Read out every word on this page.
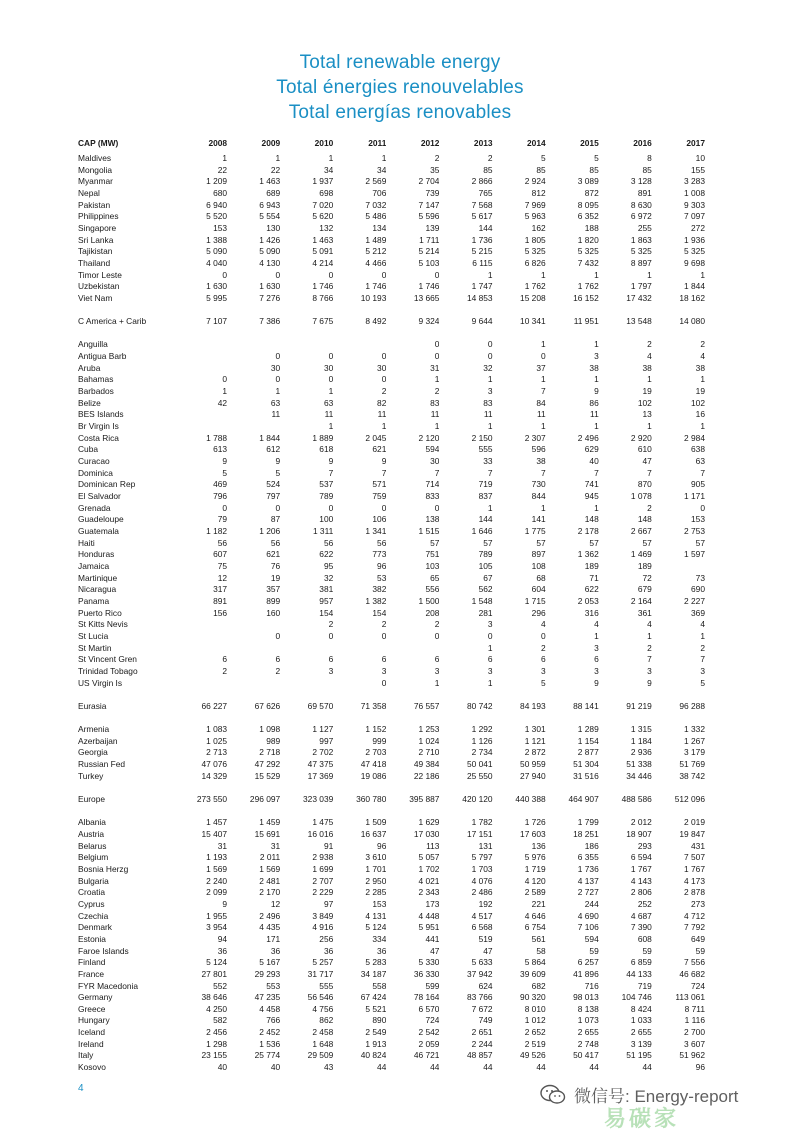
Total renewable energy
Total énergies renouvelables
Total energías renovables
CAP (MW)	2008	2009	2010	2011	2012	2013	2014	2015	2016	2017
Maldives	1	1	1	1	2	2	5	5	8	10
Mongolia	22	22	34	34	35	85	85	85	85	155
Myanmar	1 209	1 463	1 937	2 569	2 704	2 866	2 924	3 089	3 128	3 283
Nepal	680	689	698	706	739	765	812	872	891	1 008
Pakistan	6 940	6 943	7 020	7 032	7 147	7 568	7 969	8 095	8 630	9 303
Philippines	5 520	5 554	5 620	5 486	5 596	5 617	5 963	6 352	6 972	7 097
Singapore	153	130	132	134	139	144	162	188	255	272
Sri Lanka	1 388	1 426	1 463	1 489	1 711	1 736	1 805	1 820	1 863	1 936
Tajikistan	5 090	5 090	5 091	5 212	5 214	5 215	5 325	5 325	5 325	5 325
Thailand	4 040	4 130	4 214	4 466	5 103	6 115	6 826	7 432	8 897	9 698
Timor Leste	0	0	0	0	0	1	1	1	1	1
Uzbekistan	1 630	1 630	1 746	1 746	1 746	1 747	1 762	1 762	1 797	1 844
Viet Nam	5 995	7 276	8 766	10 193	13 665	14 853	15 208	16 152	17 432	18 162

C America + Carib	7 107	7 386	7 675	8 492	9 324	9 644	10 341	11 951	13 548	14 080

Anguilla					0	0	1	1	2	2
Antigua Barb		0	0	0	0	0	0	3	4	4
Aruba		30	30	30	31	32	37	38	38	38
Bahamas	0	0	0	0	1	1	1	1	1	1
Barbados	1	1	1	2	2	3	7	9	19	19
Belize	42	63	63	82	83	83	84	86	102	102
BES Islands		11	11	11	11	11	11	11	13	16
Br Virgin Is			1	1	1	1	1	1	1	1
Costa Rica	1 788	1 844	1 889	2 045	2 120	2 150	2 307	2 496	2 920	2 984
Cuba	613	612	618	621	594	555	596	629	610	638
Curacao	9	9	9	9	30	33	38	40	47	63
Dominica	5	5	7	7	7	7	7	7	7	7
Dominican Rep	469	524	537	571	714	719	730	741	870	905
El Salvador	796	797	789	759	833	837	844	945	1 078	1 171
Grenada	0	0	0	0	0	1	1	1	2	0
Guadeloupe	79	87	100	106	138	144	141	148	148	153
Guatemala	1 182	1 206	1 311	1 341	1 515	1 646	1 775	2 178	2 667	2 753
Haiti	56	56	56	56	57	57	57	57	57	57
Honduras	607	621	622	773	751	789	897	1 362	1 469	1 597
Jamaica	75	76	95	96	103	105	108	189	189	
Martinique	12	19	32	53	65	67	68	71	72	73
Nicaragua	317	357	381	382	556	562	604	622	679	690
Panama	891	899	957	1 382	1 500	1 548	1 715	2 053	2 164	2 227
Puerto Rico	156	160	154	154	208	281	296	316	361	369
St Kitts Nevis			2	2	2	3	4	4	4	4
St Lucia		0	0	0	0	0	0	1	1	1
St Martin						1	2	3	2	2
St Vincent Gren	6	6	6	6	6	6	6	6	7	7
Trinidad Tobago	2	2	3	3	3	3	3	3	3	3
US Virgin Is				0	1	1	5	9	9	5

Eurasia	66 227	67 626	69 570	71 358	76 557	80 742	84 193	88 141	91 219	96 288

Armenia	1 083	1 098	1 127	1 152	1 253	1 292	1 301	1 289	1 315	1 332
Azerbaijan	1 025	989	997	999	1 024	1 126	1 121	1 154	1 184	1 267
Georgia	2 713	2 718	2 702	2 703	2 710	2 734	2 872	2 877	2 936	3 179
Russian Fed	47 076	47 292	47 375	47 418	49 384	50 041	50 959	51 304	51 338	51 769
Turkey	14 329	15 529	17 369	19 086	22 186	25 550	27 940	31 516	34 446	38 742

Europe	273 550	296 097	323 039	360 780	395 887	420 120	440 388	464 907	488 586	512 096

Albania	1 457	1 459	1 475	1 509	1 629	1 782	1 726	1 799	2 012	2 019
Austria	15 407	15 691	16 016	16 637	17 030	17 151	17 603	18 251	18 907	19 847
Belarus	31	31	91	96	113	131	136	186	293	431
Belgium	1 193	2 011	2 938	3 610	5 057	5 797	5 976	6 355	6 594	7 507
Bosnia Herzg	1 569	1 569	1 699	1 701	1 702	1 703	1 719	1 736	1 767	1 767
Bulgaria	2 240	2 481	2 707	2 950	4 021	4 076	4 120	4 137	4 143	4 173
Croatia	2 099	2 170	2 229	2 285	2 343	2 486	2 589	2 727	2 806	2 878
Cyprus	9	12	97	153	173	192	221	244	252	273
Czechia	1 955	2 496	3 849	4 131	4 448	4 517	4 646	4 690	4 687	4 712
Denmark	3 954	4 435	4 916	5 124	5 951	6 568	6 754	7 106	7 390	7 792
Estonia	94	171	256	334	441	519	561	594	608	649
Faroe Islands	36	36	36	36	47	47	58	59	59	59
Finland	5 124	5 167	5 257	5 283	5 330	5 633	5 864	6 257	6 859	7 556
France	27 801	29 293	31 717	34 187	36 330	37 942	39 609	41 896	44 133	46 682
FYR Macedonia	552	553	555	558	599	624	682	716	719	724
Germany	38 646	47 235	56 546	67 424	78 164	83 766	90 320	98 013	104 746	113 061
Greece	4 250	4 458	4 756	5 521	6 570	7 672	8 010	8 138	8 424	8 711
Hungary	582	766	862	890	724	749	1 012	1 073	1 033	1 116
Iceland	2 456	2 452	2 458	2 549	2 542	2 651	2 652	2 655	2 655	2 700
Ireland	1 298	1 536	1 648	1 913	2 059	2 244	2 519	2 748	3 139	3 607
Italy	23 155	25 774	29 509	40 824	46 721	48 857	49 526	50 417	51 195	51 962
Kosovo	40	40	43	44	44	44	44	44	44	96
4	微信号: Energy-report
易碳家
